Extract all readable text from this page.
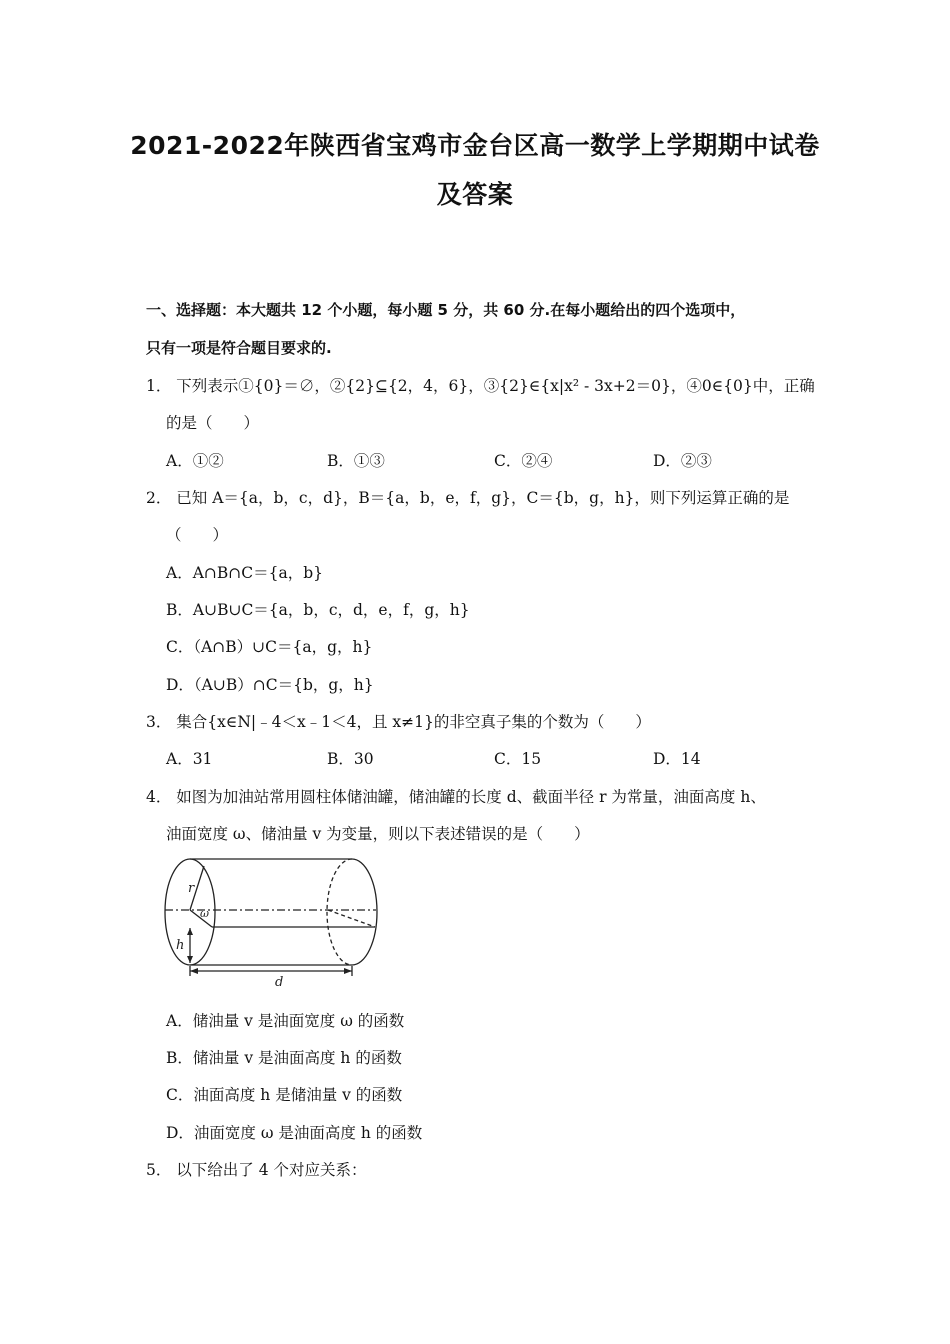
2021-2022年陕西省宝鸡市金台区高一数学上学期期中试卷
及答案
一、选择题：本大题共 12 个小题，每小题 5 分，共 60 分.在每小题给出的四个选项中，
只有一项是符合题目要求的.
1． 下列表示①{0}＝∅，②{2}⊆{2，4，6}，③{2}∈{x|x² - 3x+2＝0}，④0∈{0}中，正确
的是（　　）
A．①②	B．①③	C．②④	D．②③
2． 已知 A＝{a，b，c，d}，B＝{a，b，e，f，g}，C＝{b，g，h}，则下列运算正确的是
（　　）
A．A∩B∩C＝{a，b}
B．A∪B∪C＝{a，b，c，d，e，f，g，h}
C．（A∩B）∪C＝{a，g，h}
D．（A∪B）∩C＝{b，g，h}
3． 集合{x∈N|﹣4＜x﹣1＜4，且 x≠1}的非空真子集的个数为（　　）
A．31	B．30	C．15	D．14
4． 如图为加油站常用圆柱体储油罐，储油罐的长度 d、截面半径 r 为常量，油面高度 h、
油面宽度 ω、储油量 v 为变量，则以下表述错误的是（　　）
r
ω
h
d
A．储油量 v 是油面宽度 ω 的函数
B．储油量 v 是油面高度 h 的函数
C．油面高度 h 是储油量 v 的函数
D．油面宽度 ω 是油面高度 h 的函数
5． 以下给出了 4 个对应关系：
